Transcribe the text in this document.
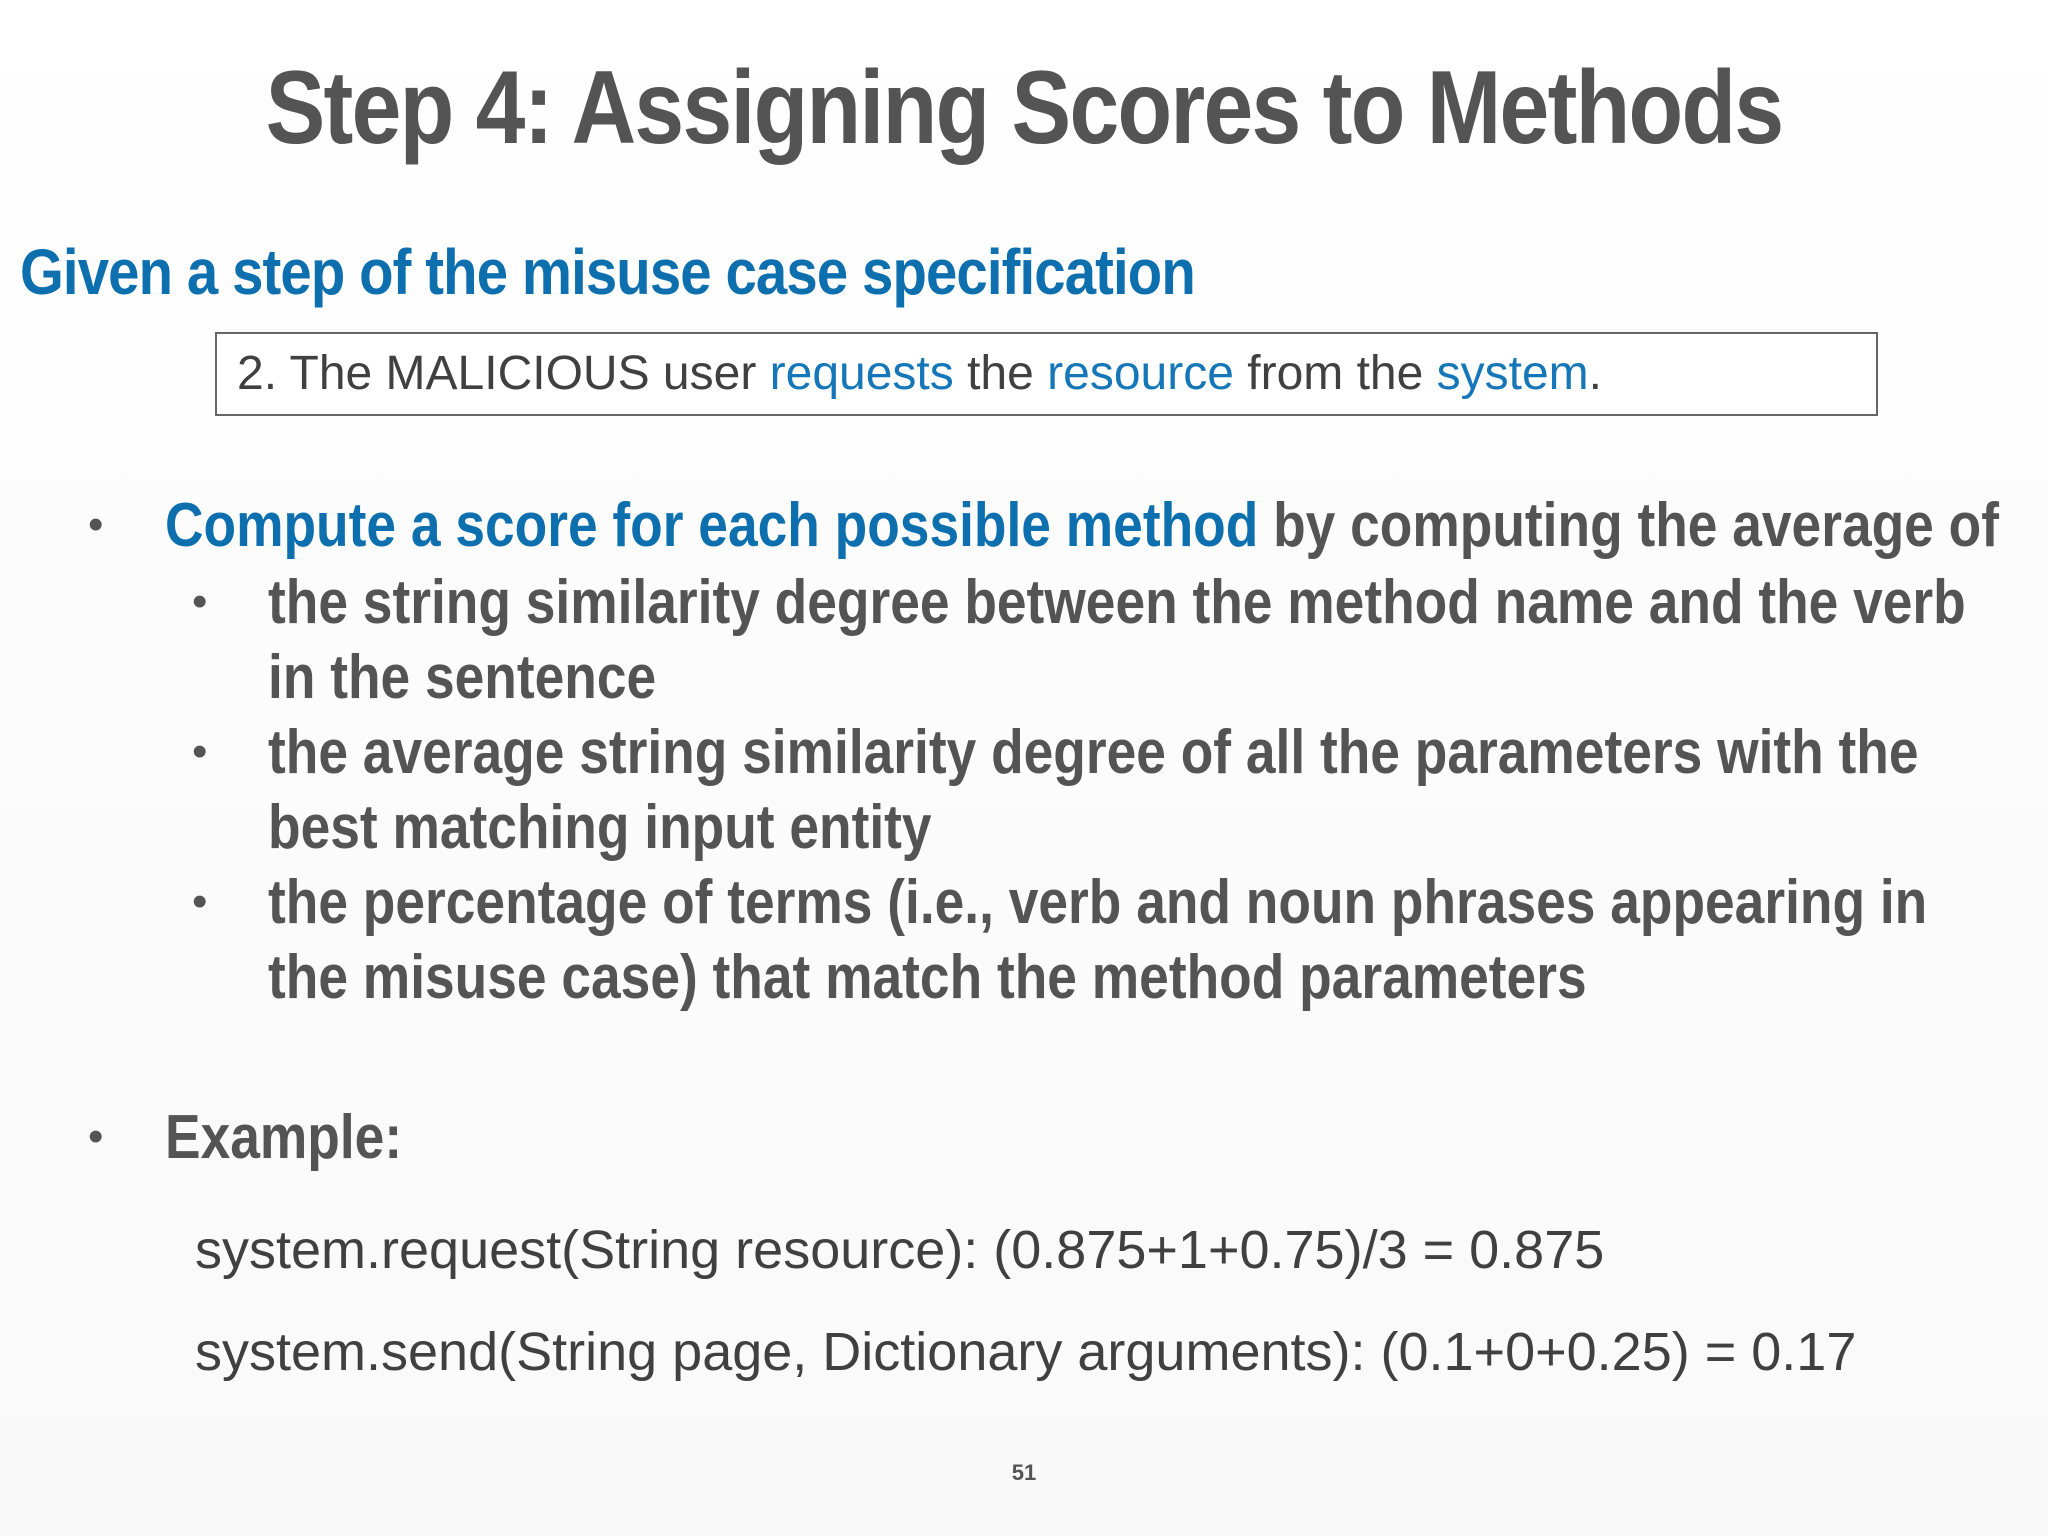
Step 4: Assigning Scores to Methods
Given a step of the misuse case specification
2. The MALICIOUS user requests the resource from the system.
• Compute a score for each possible method by computing the average of
• the string similarity degree between the method name and the verb
in the sentence
• the average string similarity degree of all the parameters with the
best matching input entity
• the percentage of terms (i.e., verb and noun phrases appearing in
the misuse case) that match the method parameters
• Example:
system.request(String resource): (0.875+1+0.75)/3 = 0.875
system.send(String page, Dictionary arguments): (0.1+0+0.25) = 0.17
51
